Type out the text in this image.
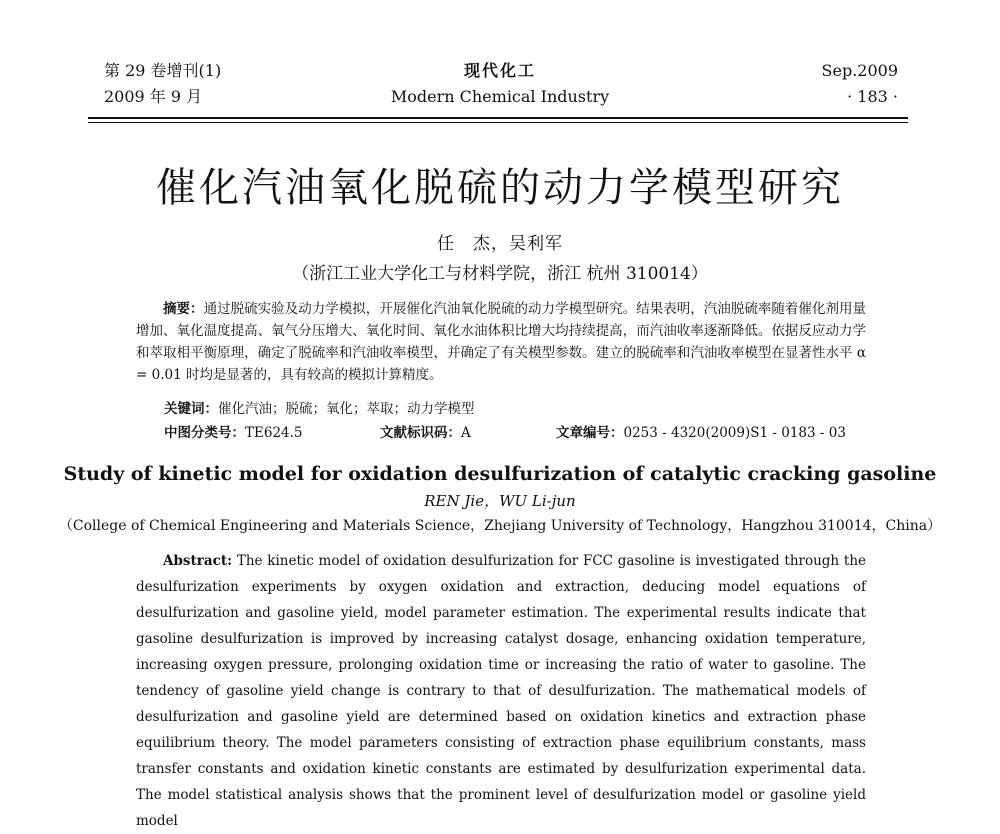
第 29 卷增刊(1)
2009 年 9 月
现代化工
Modern Chemical Industry
Sep.2009
· 183 ·
催化汽油氧化脱硫的动力学模型研究
任　杰，吴利军
（浙江工业大学化工与材料学院，浙江 杭州 310014）
摘要：通过脱硫实验及动力学模拟，开展催化汽油氧化脱硫的动力学模型研究。结果表明，汽油脱硫率随着催化剂用量增加、氧化温度提高、氧气分压增大、氧化时间、氧化水油体积比增大均持续提高，而汽油收率逐渐降低。依据反应动力学和萃取相平衡原理，确定了脱硫率和汽油收率模型，并确定了有关模型参数。建立的脱硫率和汽油收率模型在显著性水平 α = 0.01 时均是显著的，具有较高的模拟计算精度。
关键词：催化汽油；脱硫；氧化；萃取；动力学模型
中图分类号：TE624.5	文献标识码：A	文章编号：0253 - 4320(2009)S1 - 0183 - 03
Study of kinetic model for oxidation desulfurization of catalytic cracking gasoline
REN Jie，WU Li-jun
（College of Chemical Engineering and Materials Science，Zhejiang University of Technology，Hangzhou 310014，China）
Abstract: The kinetic model of oxidation desulfurization for FCC gasoline is investigated through the desulfurization experiments by oxygen oxidation and extraction, deducing model equations of desulfurization and gasoline yield, model parameter estimation. The experimental results indicate that gasoline desulfurization is improved by increasing catalyst dosage, enhancing oxidation temperature, increasing oxygen pressure, prolonging oxidation time or increasing the ratio of water to gasoline. The tendency of gasoline yield change is contrary to that of desulfurization. The mathematical models of desulfurization and gasoline yield are determined based on oxidation kinetics and extraction phase equilibrium theory. The model parameters consisting of extraction phase equilibrium constants, mass transfer constants and oxidation kinetic constants are estimated by desulfurization experimental data. The model statistical analysis shows that the prominent level of desulfurization model or gasoline yield model
